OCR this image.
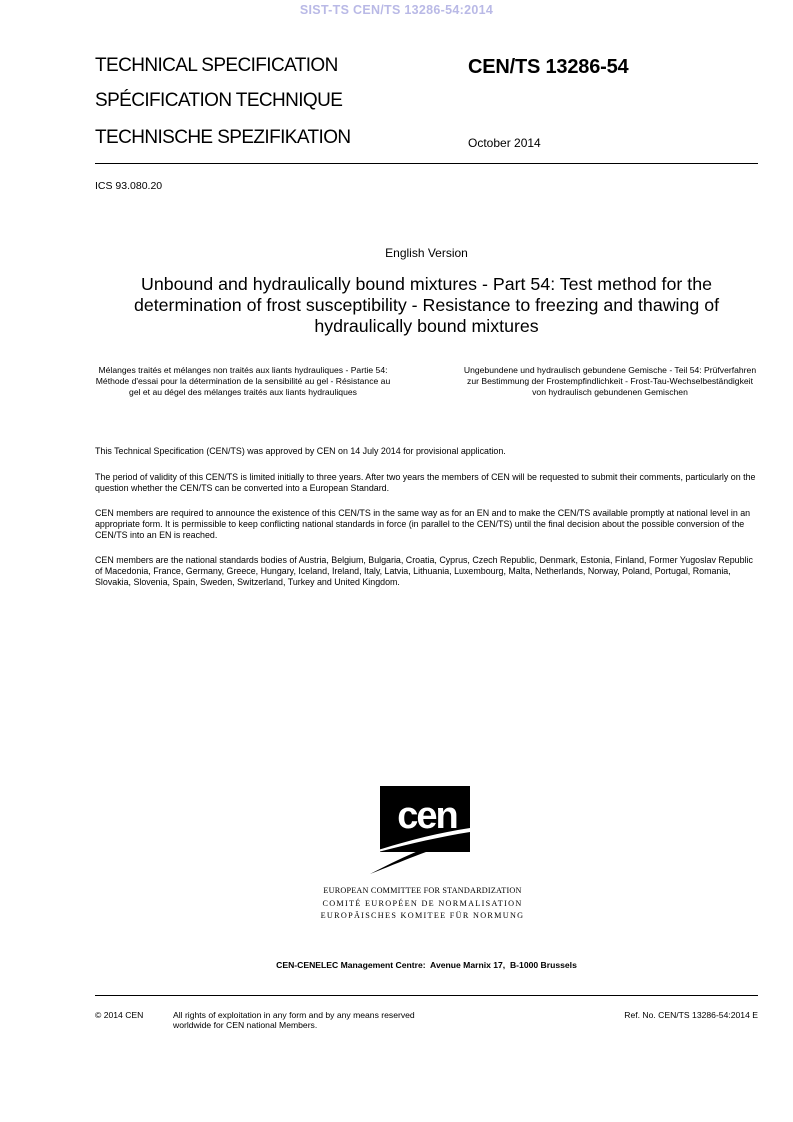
SIST-TS CEN/TS 13286-54:2014
TECHNICAL SPECIFICATION
SPÉCIFICATION TECHNIQUE
TECHNISCHE SPEZIFIKATION
CEN/TS 13286-54
October 2014
ICS 93.080.20
English Version
Unbound and hydraulically bound mixtures - Part 54: Test method for the determination of frost susceptibility - Resistance to freezing and thawing of hydraulically bound mixtures
Mélanges traités et mélanges non traités aux liants hydrauliques - Partie 54: Méthode d'essai pour la détermination de la sensibilité au gel - Résistance au gel et au dégel des mélanges traités aux liants hydrauliques
Ungebundene und hydraulisch gebundene Gemische - Teil 54: Prüfverfahren zur Bestimmung der Frostempfindlichkeit - Frost-Tau-Wechselbeständigkeit von hydraulisch gebundenen Gemischen
This Technical Specification (CEN/TS) was approved by CEN on 14 July 2014 for provisional application.
The period of validity of this CEN/TS is limited initially to three years. After two years the members of CEN will be requested to submit their comments, particularly on the question whether the CEN/TS can be converted into a European Standard.
CEN members are required to announce the existence of this CEN/TS in the same way as for an EN and to make the CEN/TS available promptly at national level in an appropriate form. It is permissible to keep conflicting national standards in force (in parallel to the CEN/TS) until the final decision about the possible conversion of the CEN/TS into an EN is reached.
CEN members are the national standards bodies of Austria, Belgium, Bulgaria, Croatia, Cyprus, Czech Republic, Denmark, Estonia, Finland, Former Yugoslav Republic of Macedonia, France, Germany, Greece, Hungary, Iceland, Ireland, Italy, Latvia, Lithuania, Luxembourg, Malta, Netherlands, Norway, Poland, Portugal, Romania, Slovakia, Slovenia, Spain, Sweden, Switzerland, Turkey and United Kingdom.
cen
EUROPEAN COMMITTEE FOR STANDARDIZATION
COMITÉ EUROPÉEN DE NORMALISATION
EUROPÄISCHES KOMITEE FÜR NORMUNG
CEN-CENELEC Management Centre:  Avenue Marnix 17,  B-1000 Brussels
© 2014 CEN	All rights of exploitation in any form and by any means reserved
worldwide for CEN national Members.
Ref. No. CEN/TS 13286-54:2014 E
